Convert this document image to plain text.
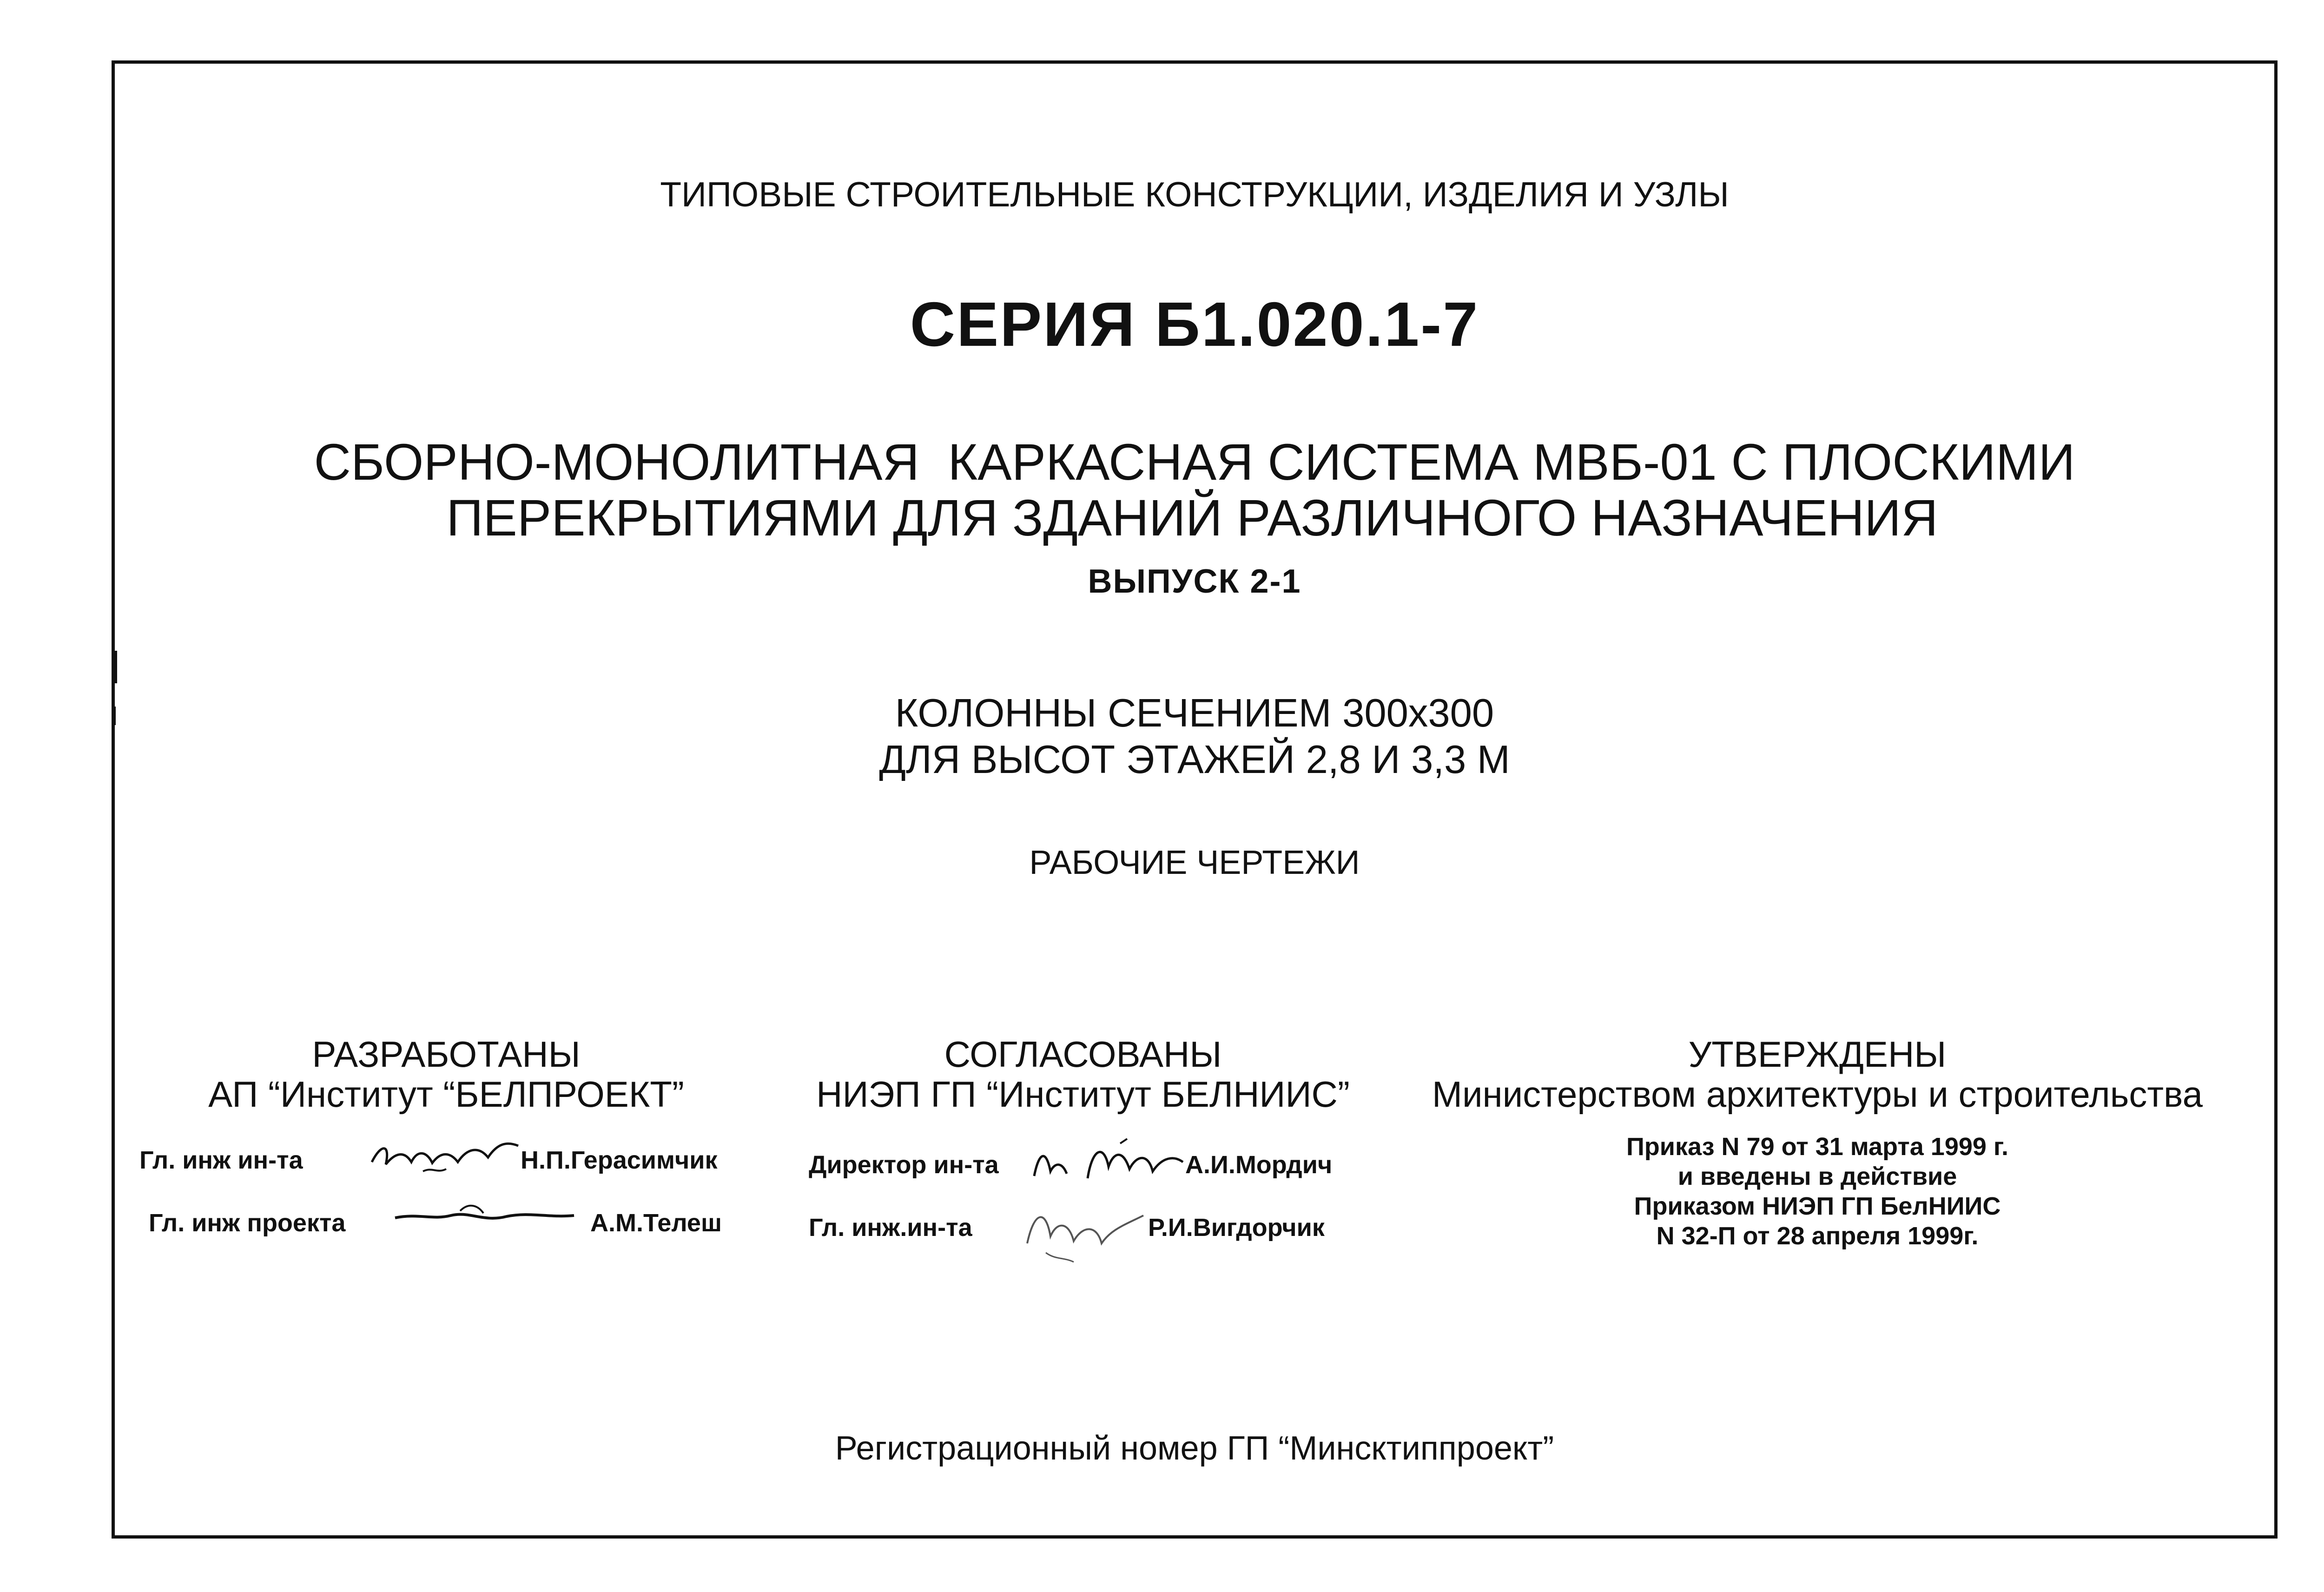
ТИПОВЫЕ СТРОИТЕЛЬНЫЕ КОНСТРУКЦИИ, ИЗДЕЛИЯ И УЗЛЫ
СЕРИЯ Б1.020.1-7
СБОРНО-МОНОЛИТНАЯ  КАРКАСНАЯ СИСТЕМА МВБ-01 С ПЛОСКИМИ
ПЕРЕКРЫТИЯМИ ДЛЯ ЗДАНИЙ РАЗЛИЧНОГО НАЗНАЧЕНИЯ
ВЫПУСК 2-1
КОЛОННЫ СЕЧЕНИЕМ 300х300
ДЛЯ ВЫСОТ ЭТАЖЕЙ 2,8 И 3,3 М
РАБОЧИЕ ЧЕРТЕЖИ
РАЗРАБОТАНЫ
АП “Институт “БЕЛПРОЕКТ”
Гл. инж ин-та	Н.П.Герасимчик
Гл. инж проекта	А.М.Телеш
СОГЛАСОВАНЫ
НИЭП ГП “Институт БЕЛНИИС”
Директор ин-та	А.И.Мордич
Гл. инж.ин-та	Р.И.Вигдорчик
УТВЕРЖДЕНЫ
Министерством архитектуры и строительства
Приказ N 79 от 31 марта 1999 г.
и введены в действие
Приказом НИЭП ГП БелНИИС
N 32-П от 28 апреля 1999г.
Регистрационный номер ГП “Минсктиппроект”
